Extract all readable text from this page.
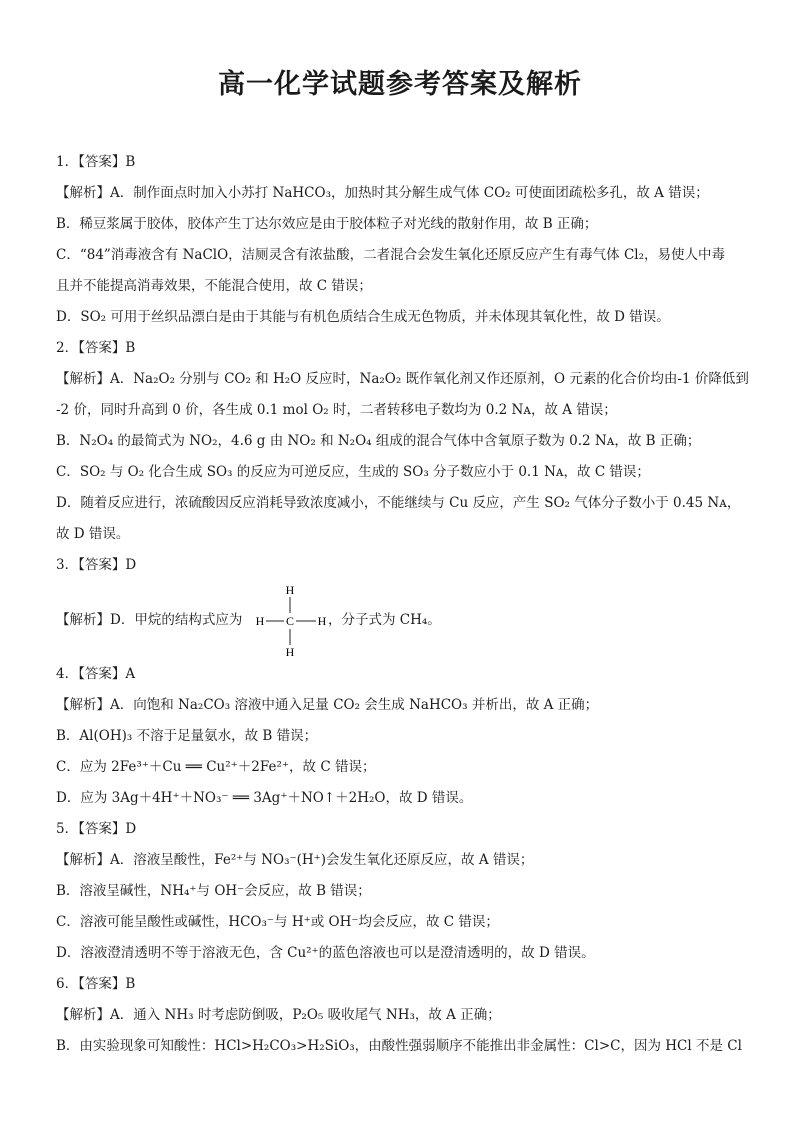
高一化学试题参考答案及解析
1．【答案】B
【解析】A．制作面点时加入小苏打 NaHCO₃，加热时其分解生成气体 CO₂ 可使面团疏松多孔，故 A 错误；
B．稀豆浆属于胶体，胶体产生丁达尔效应是由于胶体粒子对光线的散射作用，故 B 正确；
C．“84”消毒液含有 NaClO，洁厕灵含有浓盐酸，二者混合会发生氧化还原反应产生有毒气体 Cl₂，易使人中毒
且并不能提高消毒效果，不能混合使用，故 C 错误；
D．SO₂ 可用于丝织品漂白是由于其能与有机色质结合生成无色物质，并未体现其氧化性，故 D 错误。
2．【答案】B
【解析】A．Na₂O₂ 分别与 CO₂ 和 H₂O 反应时，Na₂O₂ 既作氧化剂又作还原剂，O 元素的化合价均由-1 价降低到
-2 价，同时升高到 0 价，各生成 0.1 mol O₂ 时，二者转移电子数均为 0.2 Nᴀ，故 A 错误；
B．N₂O₄ 的最简式为 NO₂，4.6 g 由 NO₂ 和 N₂O₄ 组成的混合气体中含氧原子数为 0.2 Nᴀ，故 B 正确；
C．SO₂ 与 O₂ 化合生成 SO₃ 的反应为可逆反应，生成的 SO₃ 分子数应小于 0.1 Nᴀ，故 C 错误；
D．随着反应进行，浓硫酸因反应消耗导致浓度减小，不能继续与 Cu 反应，产生 SO₂ 气体分子数小于 0.45 Nᴀ，
故 D 错误。
3．【答案】D
【解析】D．甲烷的结构式应为
H
H C H
H
，分子式为 CH₄。
4．【答案】A
【解析】A．向饱和 Na₂CO₃ 溶液中通入足量 CO₂ 会生成 NaHCO₃ 并析出，故 A 正确；
B．Al(OH)₃ 不溶于足量氨水，故 B 错误；
C．应为 2Fe³⁺＋Cu ══ Cu²⁺＋2Fe²⁺，故 C 错误；
D．应为 3Ag＋4H⁺＋NO₃⁻ ══ 3Ag⁺＋NO↑＋2H₂O，故 D 错误。
5．【答案】D
【解析】A．溶液呈酸性，Fe²⁺与 NO₃⁻(H⁺)会发生氧化还原反应，故 A 错误；
B．溶液呈碱性，NH₄⁺与 OH⁻会反应，故 B 错误；
C．溶液可能呈酸性或碱性，HCO₃⁻与 H⁺或 OH⁻均会反应，故 C 错误；
D．溶液澄清透明不等于溶液无色，含 Cu²⁺的蓝色溶液也可以是澄清透明的，故 D 错误。
6．【答案】B
【解析】A．通入 NH₃ 时考虑防倒吸，P₂O₅ 吸收尾气 NH₃，故 A 正确；
B．由实验现象可知酸性：HCl>H₂CO₃>H₂SiO₃，由酸性强弱顺序不能推出非金属性：Cl>C，因为 HCl 不是 Cl
